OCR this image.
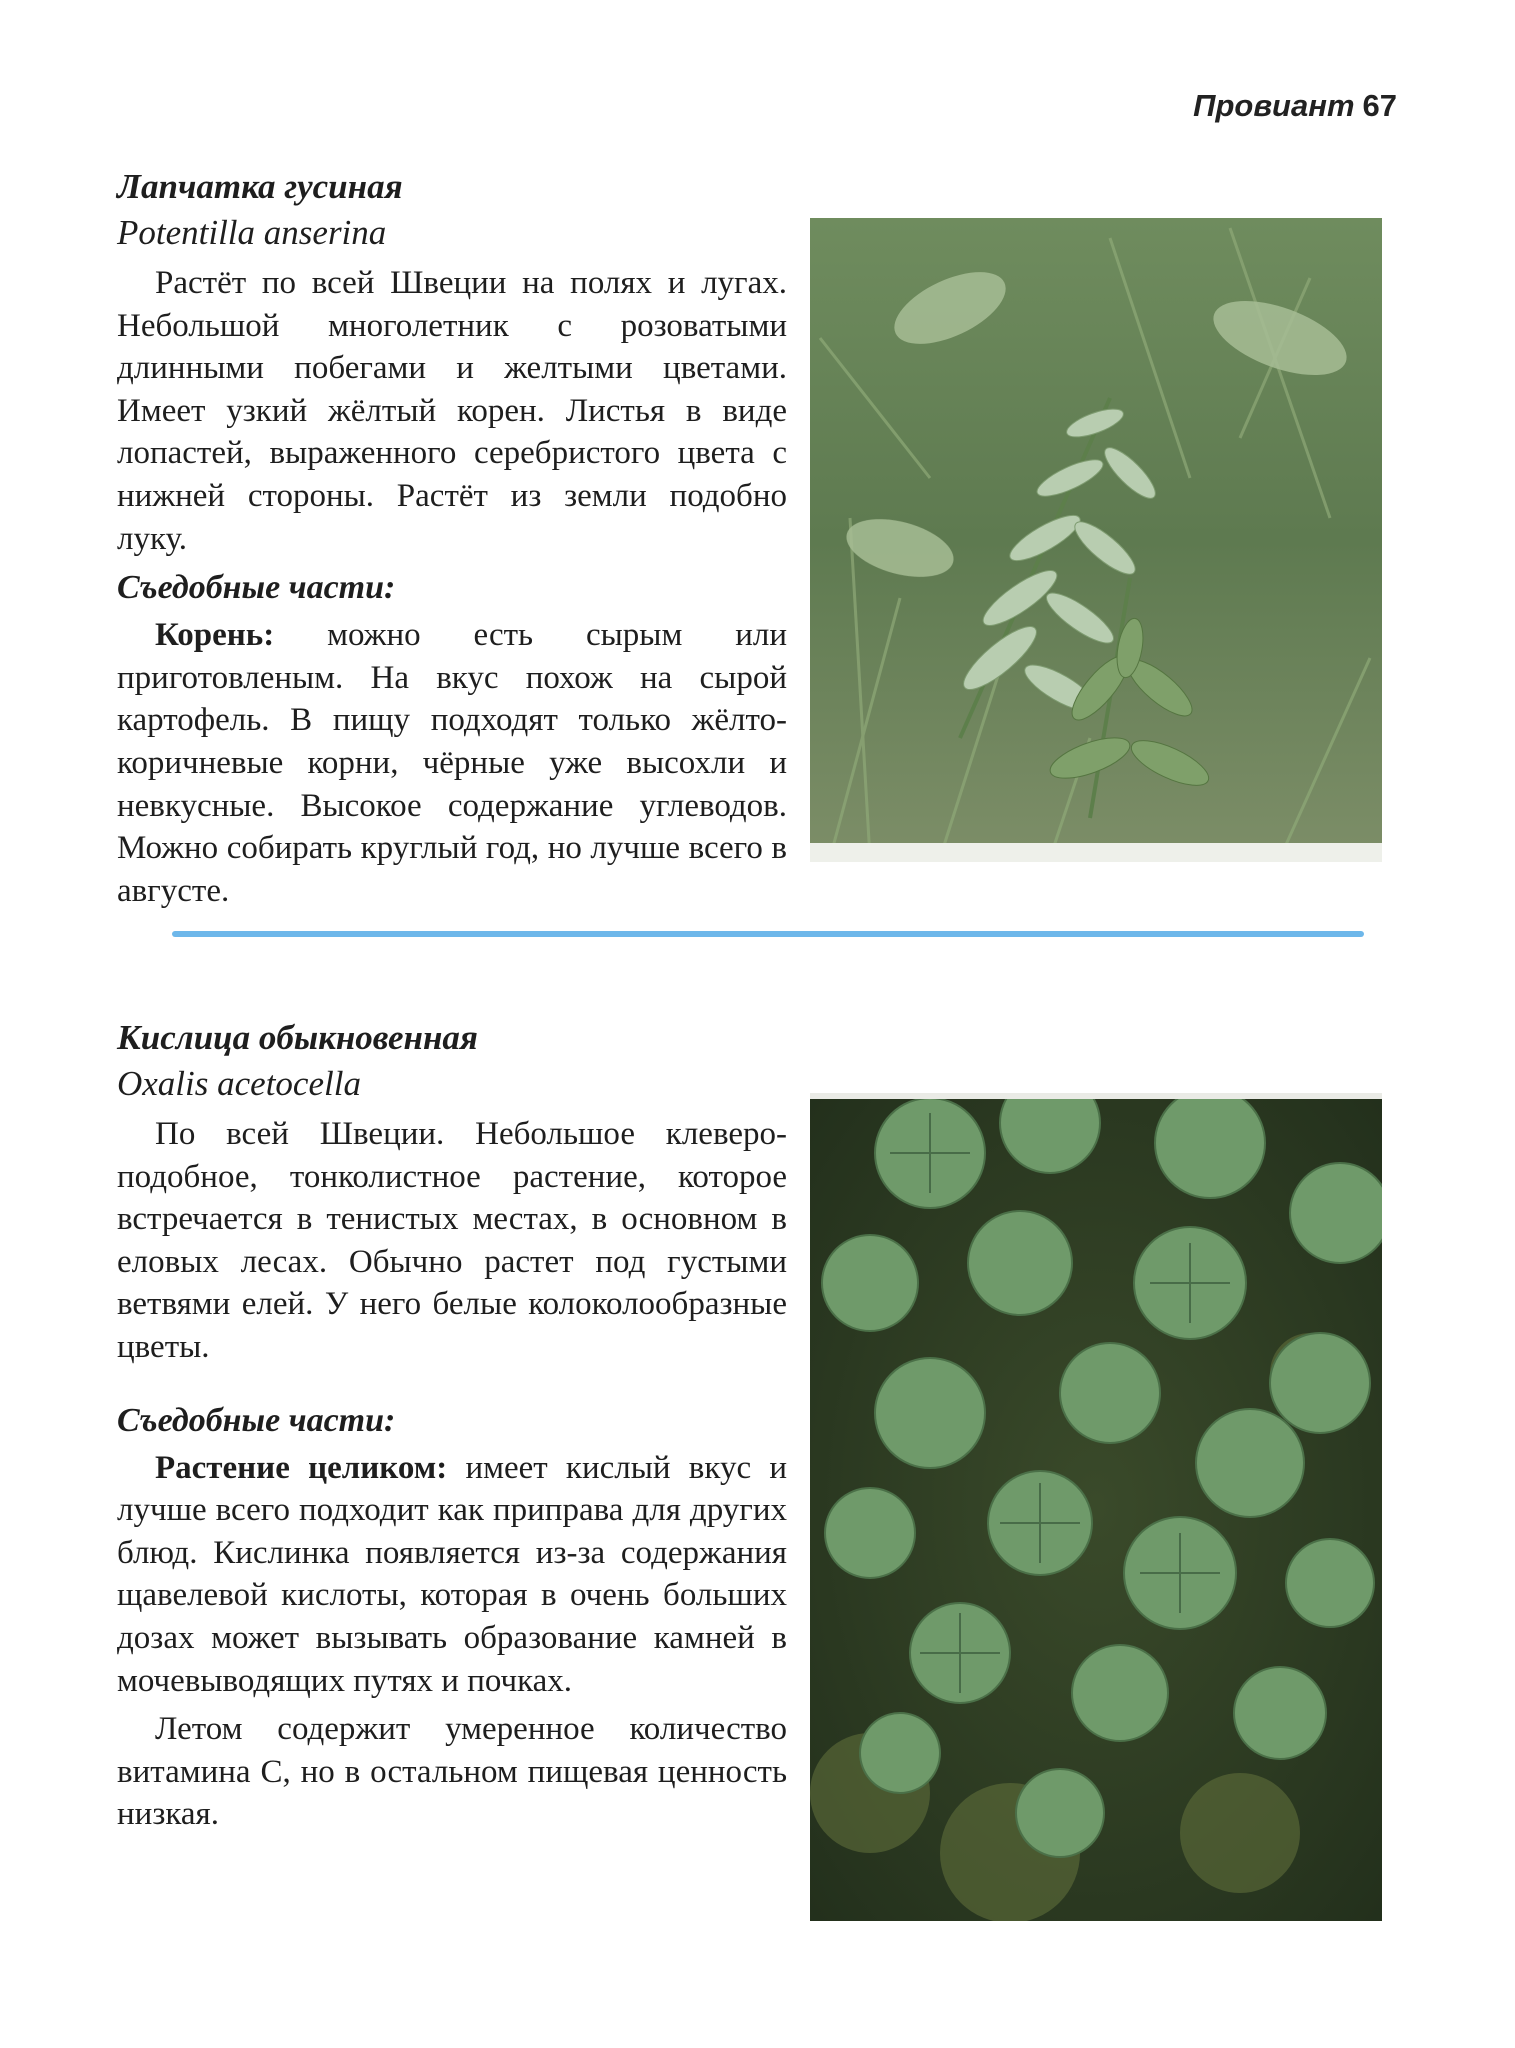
Провиант 67

Лапчатка гусиная

Potentilla anserina

Растёт по всей Швеции на полях и лугах. Небольшой многолетник с розоватыми длинными побегами и желтыми цветами. Имеет узкий жёлтый корен. Листья в виде лопастей, выраженного серебристого цвета с нижней стороны. Растёт из земли подобно луку.

Съедобные части:

Корень: можно есть сырым или приготовленым. На вкус похож на сырой картофель. В пищу подходят только жёлто-коричневые корни, чёрные уже высохли и невкусные. Высокое содержание углеводов. Можно собирать круглый год, но лучше всего в августе.

Кислица обыкновенная

Oxalis acetocella

По всей Швеции. Небольшое клевероподобное, тонколистное растение, которое встречается в тенистых местах, в основном в еловых лесах. Обычно растет под густыми ветвями елей. У него белые колоколообразные цветы.

Съедобные части:

Растение целиком: имеет кислый вкус и лучше всего подходит как приправа для других блюд. Кислинка появляется из-за содержания щавелевой кислоты, которая в очень больших дозах может вызывать образование камней в мочевыводящих путях и почках.

Летом содержит умеренное количество витамина С, но в остальном пищевая ценность низкая.
